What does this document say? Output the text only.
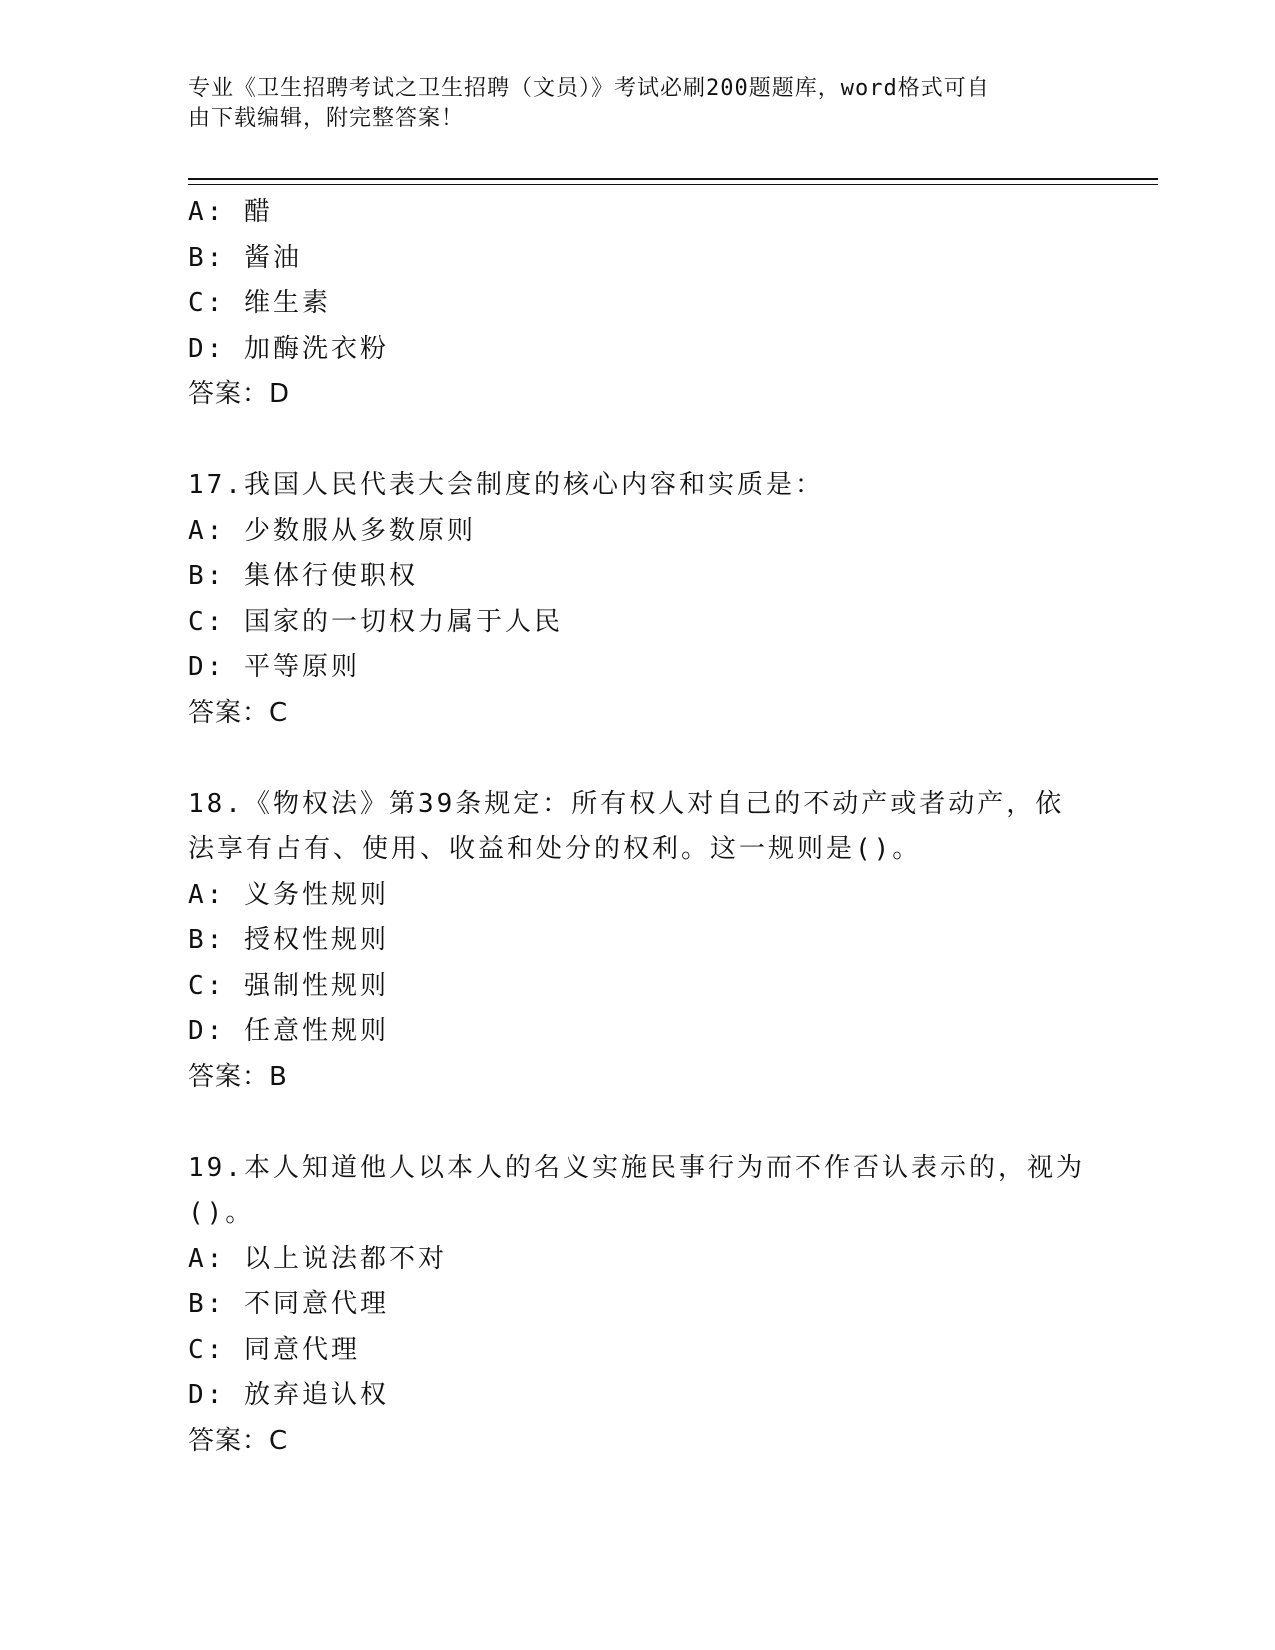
专业《卫生招聘考试之卫生招聘（文员）》考试必刷200题题库，word格式可自
由下载编辑，附完整答案！
A: 醋
B: 酱油
C: 维生素
D: 加酶洗衣粉
答案：D
17.我国人民代表大会制度的核心内容和实质是：
A: 少数服从多数原则
B: 集体行使职权
C: 国家的一切权力属于人民
D: 平等原则
答案：C
18.《物权法》第39条规定：所有权人对自己的不动产或者动产，依
法享有占有、使用、收益和处分的权利。这一规则是()。
A: 义务性规则
B: 授权性规则
C: 强制性规则
D: 任意性规则
答案：B
19.本人知道他人以本人的名义实施民事行为而不作否认表示的，视为
()。
A: 以上说法都不对
B: 不同意代理
C: 同意代理
D: 放弃追认权
答案：C
